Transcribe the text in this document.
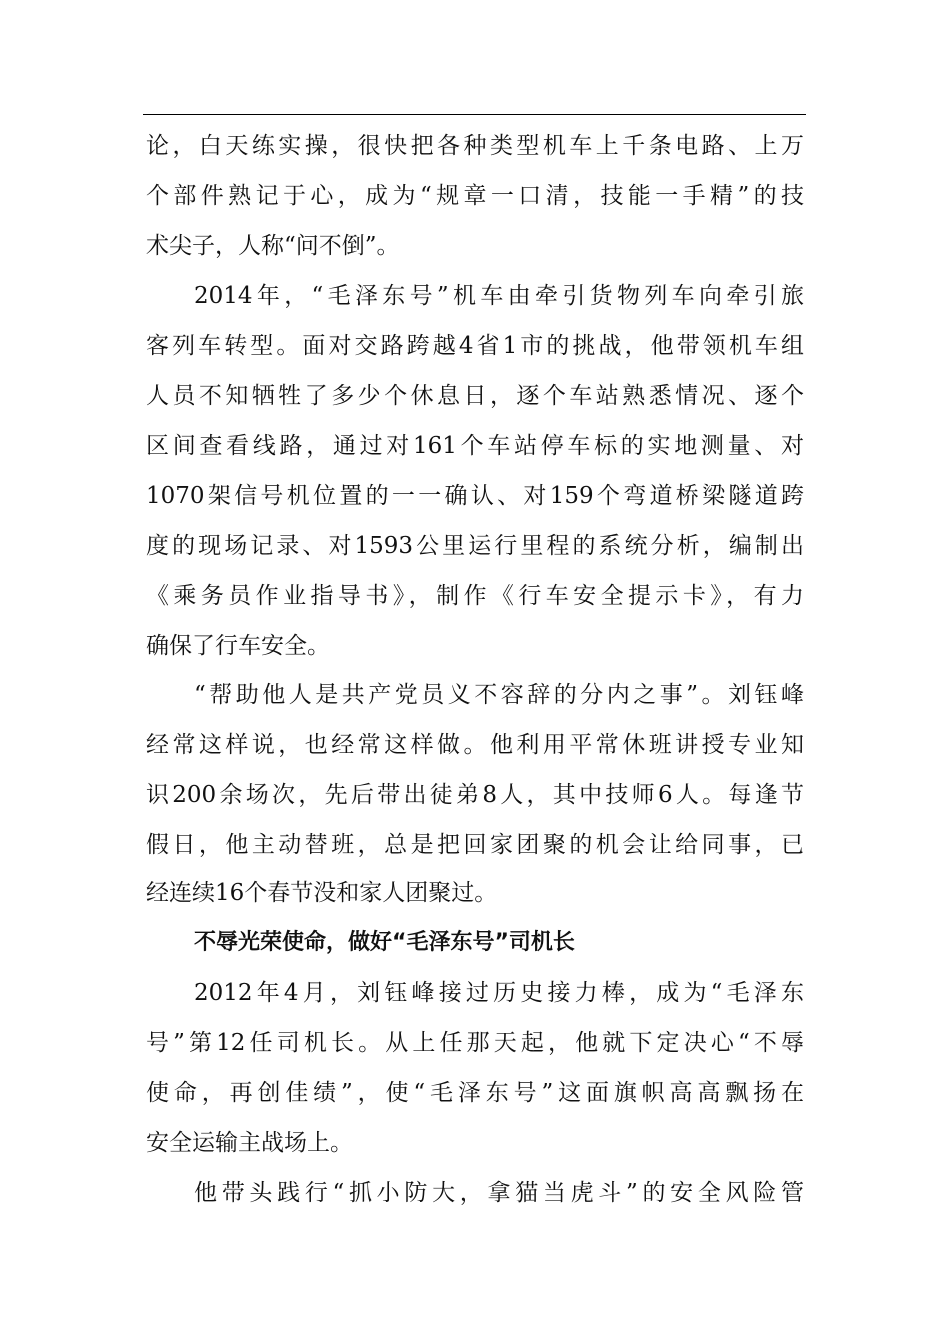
论，白天练实操，很快把各种类型机车上千条电路、上万
个部件熟记于心，成为“规章一口清，技能一手精”的技
术尖子，人称“问不倒”。
2014年，“毛泽东号”机车由牵引货物列车向牵引旅
客列车转型。面对交路跨越4省1市的挑战，他带领机车组
人员不知牺牲了多少个休息日，逐个车站熟悉情况、逐个
区间查看线路，通过对161个车站停车标的实地测量、对
1070架信号机位置的一一确认、对159个弯道桥梁隧道跨
度的现场记录、对1593公里运行里程的系统分析，编制出
《乘务员作业指导书》，制作《行车安全提示卡》，有力
确保了行车安全。
“帮助他人是共产党员义不容辞的分内之事”。刘钰峰
经常这样说，也经常这样做。他利用平常休班讲授专业知
识200余场次，先后带出徒弟8人，其中技师6人。每逢节
假日，他主动替班，总是把回家团聚的机会让给同事，已
经连续16个春节没和家人团聚过。
不辱光荣使命，做好“毛泽东号”司机长
2012年4月，刘钰峰接过历史接力棒，成为“毛泽东
号”第12任司机长。从上任那天起，他就下定决心“不辱
使命，再创佳绩”，使“毛泽东号”这面旗帜高高飘扬在
安全运输主战场上。
他带头践行“抓小防大，拿猫当虎斗”的安全风险管
